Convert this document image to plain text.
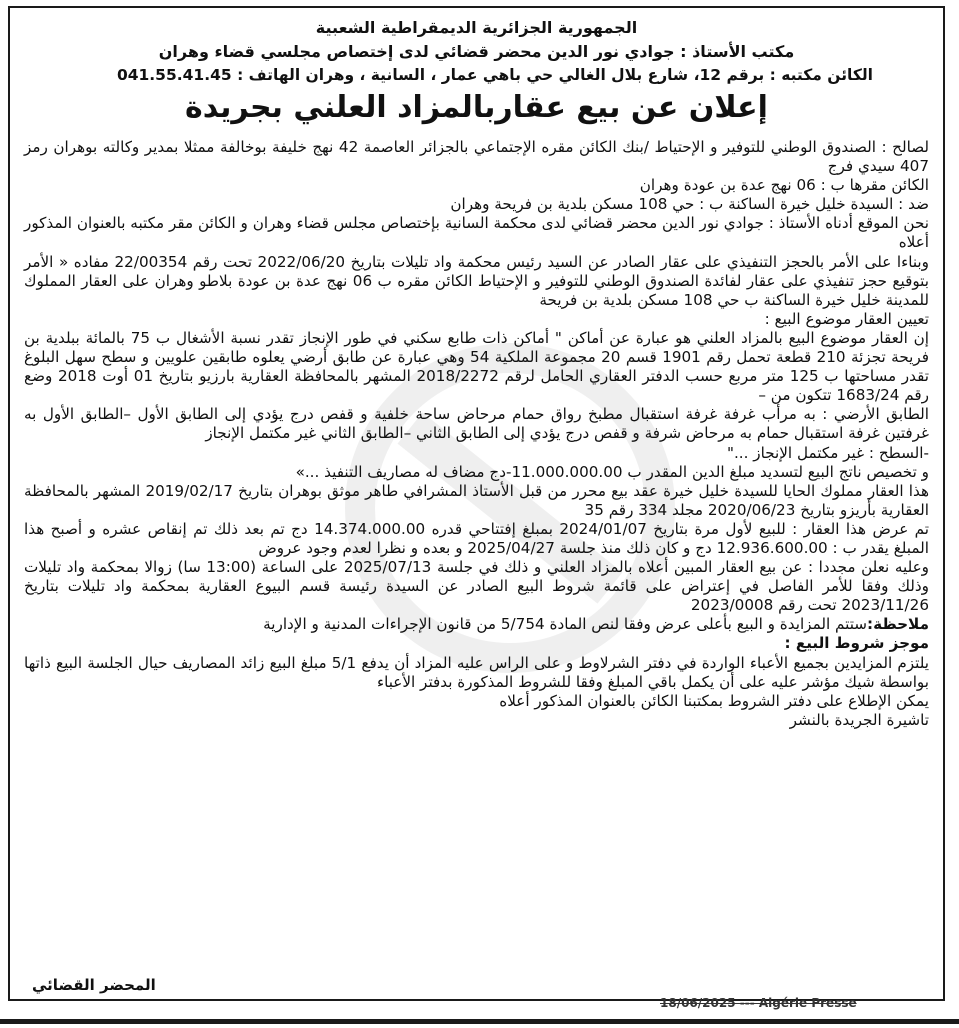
الجمهورية الجزائرية الديمقراطية الشعبية
مكتب الأستاذ : جوادي نور الدين محضر قضائي لدى إختصاص مجلسي قضاء وهران
الكائن مكتبه : برقم 12، شارع بلال الغالي حي باهي عمار ، السانية ، وهران الهاتف : 041.55.41.45
إعلان عن بيع عقاربالمزاد العلني بجريدة

لصالح : الصندوق الوطني للتوفير و الإحتياط /بنك الكائن مقره الإجتماعي بالجزائر العاصمة 42 نهج خليفة بوخالفة ممثلا بمدير وكالته بوهران رمز 407 سيدي فرج

الكائن مقرها ب : 06 نهج عدة بن عودة وهران

ضد : السيدة خليل خيرة الساكنة ب : حي 108 مسكن بلدية بن فريحة وهران

نحن الموقع أدناه الأستاذ : جوادي نور الدين محضر قضائي لدى محكمة السانية بإختصاص مجلس قضاء وهران و الكائن مقر مكتبه بالعنوان المذكور أعلاه

وبناءا على الأمر بالحجز التنفيذي على عقار الصادر عن السيد رئيس محكمة واد تليلات بتاريخ 2022/06/20 تحت رقم 22/00354 مفاده « الأمر بتوقيع حجز تنفيذي على عقار لفائدة الصندوق الوطني للتوفير و الإحتياط الكائن مقره ب 06 نهج عدة بن عودة بلاطو وهران على العقار المملوك للمدينة خليل خيرة الساكنة ب حي 108 مسكن بلدية بن فريحة

تعيين العقار موضوع البيع :

إن العقار موضوع البيع بالمزاد العلني هو عبارة عن أماكن " أماكن ذات طابع سكني في طور الإنجاز تقدر نسبة الأشغال ب 75 بالمائة ببلدية بن فريحة تجزئة 210 قطعة تحمل رقم 1901 قسم 20 مجموعة الملكية 54 وهي عبارة عن طابق أرضي يعلوه طابقين علويين و سطح سهل البلوغ تقدر مساحتها ب 125 متر مربع حسب الدفتر العقاري الحامل لرقم 2018/2272 المشهر بالمحافظة العقارية بارزيو بتاريخ 01 أوت 2018 وضع رقم 1683/24 تتكون من –

الطابق الأرضي : به مرأب غرفة غرفة استقبال مطبخ رواق حمام مرحاض ساحة خلفية و قفص درج يؤدي إلى الطابق الأول –الطابق الأول به غرفتين غرفة استقبال حمام به مرحاض شرفة و قفص درج يؤدي إلى الطابق الثاني –الطابق الثاني غير مكتمل الإنجاز

-السطح : غير مكتمل الإنجاز ..."

و تخصيص ناتج البيع لتسديد مبلغ الدين المقدر ب 11.000.000.00-دج مضاف له مصاريف التنفيذ ...»

هذا العقار مملوك الحايا للسيدة خليل خيرة عقد بيع محرر من قبل الأستاذ المشرافي طاهر موثق بوهران بتاريخ 2019/02/17 المشهر بالمحافظة العقارية بأريزو بتاريخ 2020/06/23 مجلد 334 رقم 35

تم عرض هذا العقار : للبيع لأول مرة بتاريخ 2024/01/07 بمبلغ إفتتاحي قدره 14.374.000.00 دج تم بعد ذلك تم إنقاص عشره و أصبح هذا المبلغ يقدر ب : 12.936.600.00 دج و كان ذلك منذ جلسة 2025/04/27 و بعده و نظرا لعدم وجود عروض

وعليه نعلن مجددا : عن بيع العقار المبين أعلاه بالمزاد العلني و ذلك في جلسة 2025/07/13 على الساعة (13:00 سا) زوالا بمحكمة واد تليلات وذلك وفقا للأمر الفاصل في إعتراض على قائمة شروط البيع الصادر عن السيدة رئيسة قسم البيوع العقارية بمحكمة واد تليلات بتاريخ 2023/11/26 تحت رقم 2023/0008

ملاحظة:ستتم المزايدة و البيع بأعلى عرض وفقا لنص المادة 5/754 من قانون الإجراءات المدنية و الإدارية

موجز شروط البيع :

يلتزم المزايدين بجميع الأعباء الواردة في دفتر الشرلاوط و على الراس عليه المزاد أن يدفع 5/1 مبلغ البيع زائد المصاريف حيال الجلسة البيع ذاتها بواسطة شيك مؤشر عليه على أن يكمل باقي المبلغ وفقا للشروط المذكورة بدفتر الأعباء

يمكن الإطلاع على دفتر الشروط بمكتبنا الكائن بالعنوان المذكور أعلاه

تاشيرة الجريدة بالنشر

المحضر القضائي
18/06/2025 --- Algérie Presse
